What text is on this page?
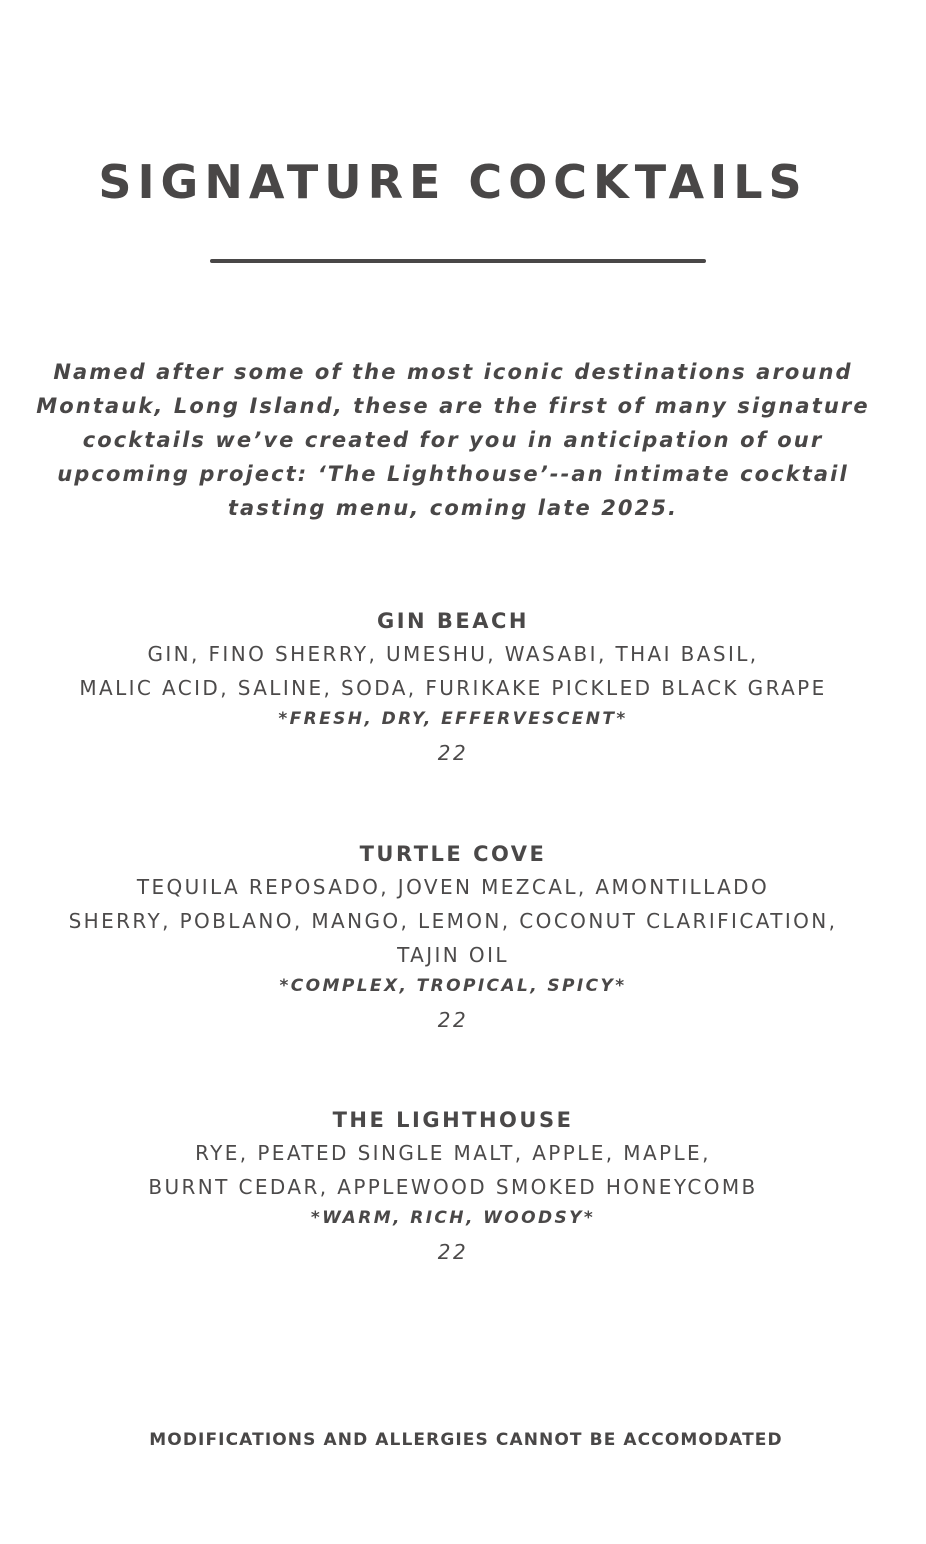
SIGNATURE COCKTAILS

Named after some of the most iconic destinations around
Montauk, Long Island, these are the first of many signature
cocktails we’ve created for you in anticipation of our
upcoming project: ‘The Lighthouse’--an intimate cocktail
tasting menu, coming late 2025.

GIN BEACH
GIN, FINO SHERRY, UMESHU, WASABI, THAI BASIL,
MALIC ACID, SALINE, SODA, FURIKAKE PICKLED BLACK GRAPE
*FRESH, DRY, EFFERVESCENT*
22
TURTLE COVE
TEQUILA REPOSADO, JOVEN MEZCAL, AMONTILLADO
SHERRY, POBLANO, MANGO, LEMON, COCONUT CLARIFICATION,
TAJIN OIL
*COMPLEX, TROPICAL, SPICY*
22
THE LIGHTHOUSE
RYE, PEATED SINGLE MALT, APPLE, MAPLE,
BURNT CEDAR, APPLEWOOD SMOKED HONEYCOMB
*WARM, RICH, WOODSY*
22
MODIFICATIONS AND ALLERGIES CANNOT BE ACCOMODATED
